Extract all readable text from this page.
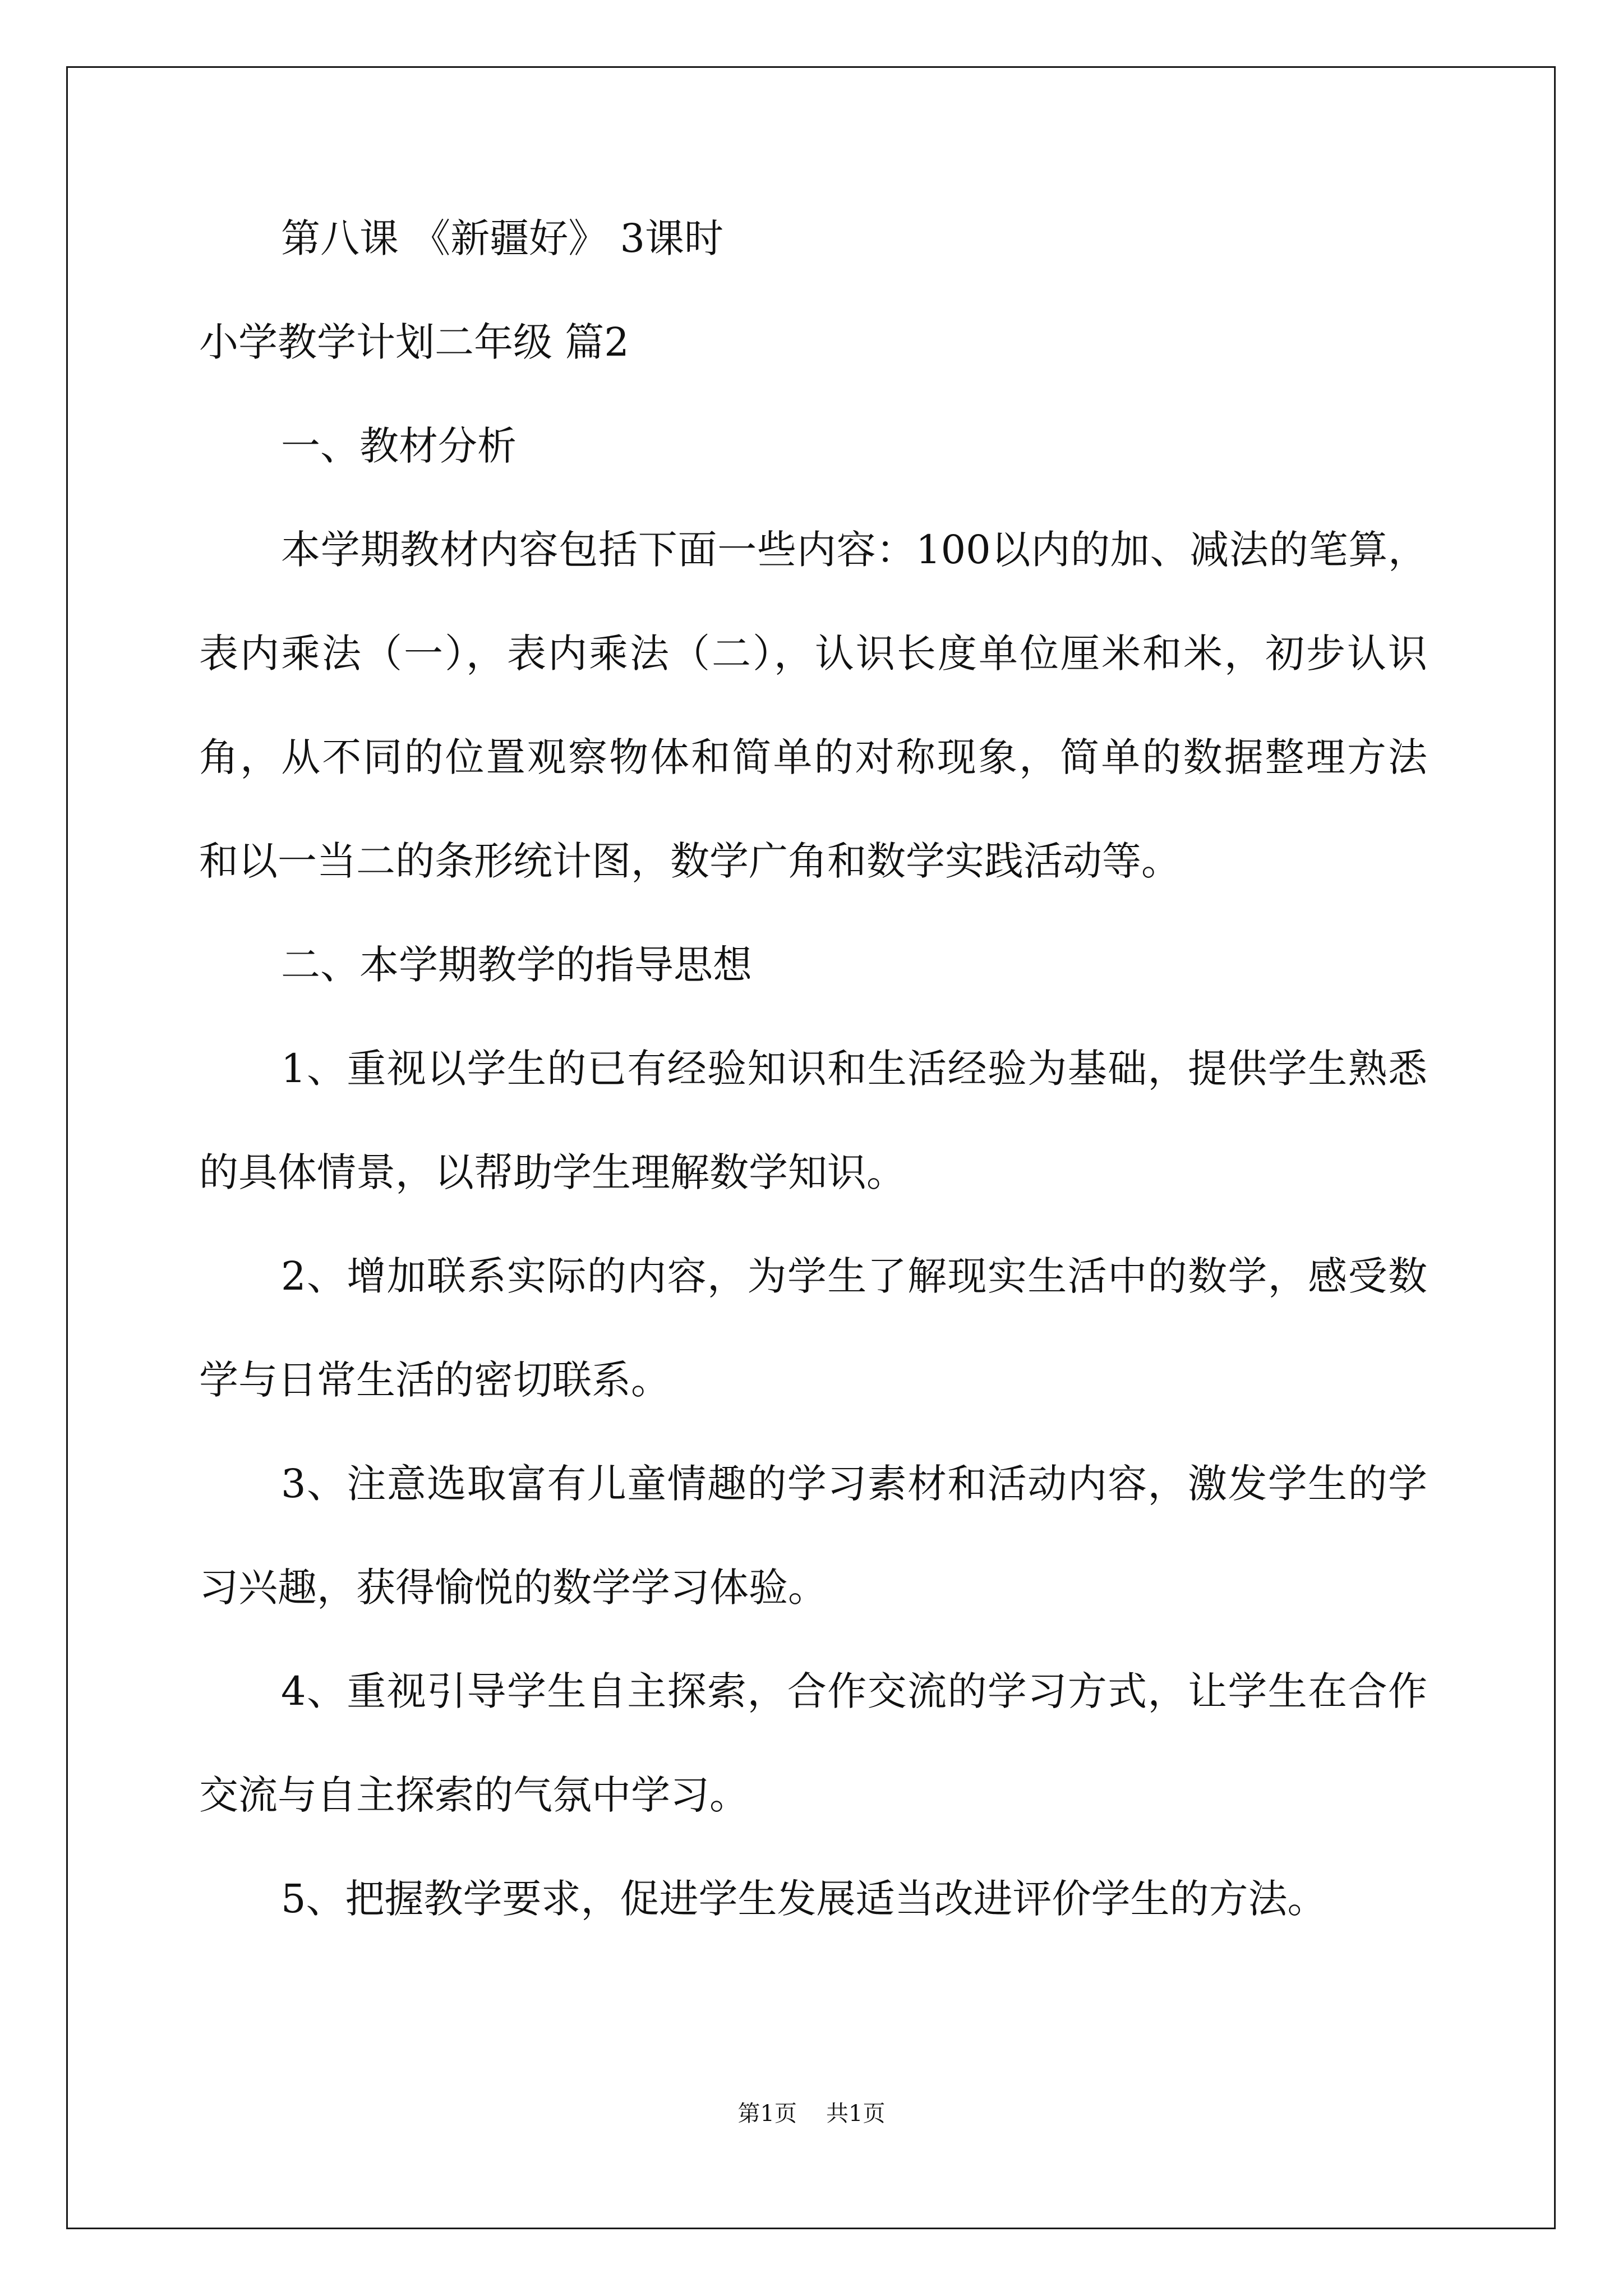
第八课 《新疆好》 3课时
小学教学计划二年级 篇2
一、教材分析
本学期教材内容包括下面一些内容：100以内的加、减法的笔算，
表内乘法（一），表内乘法（二），认识长度单位厘米和米，初步认识
角，从不同的位置观察物体和简单的对称现象，简单的数据整理方法
和以一当二的条形统计图，数学广角和数学实践活动等。
二、本学期教学的指导思想
1、重视以学生的已有经验知识和生活经验为基础，提供学生熟悉
的具体情景，以帮助学生理解数学知识。
2、增加联系实际的内容，为学生了解现实生活中的数学，感受数
学与日常生活的密切联系。
3、注意选取富有儿童情趣的学习素材和活动内容，激发学生的学
习兴趣，获得愉悦的数学学习体验。
4、重视引导学生自主探索，合作交流的学习方式，让学生在合作
交流与自主探索的气氛中学习。
5、把握教学要求，促进学生发展适当改进评价学生的方法。
第1页 共1页
